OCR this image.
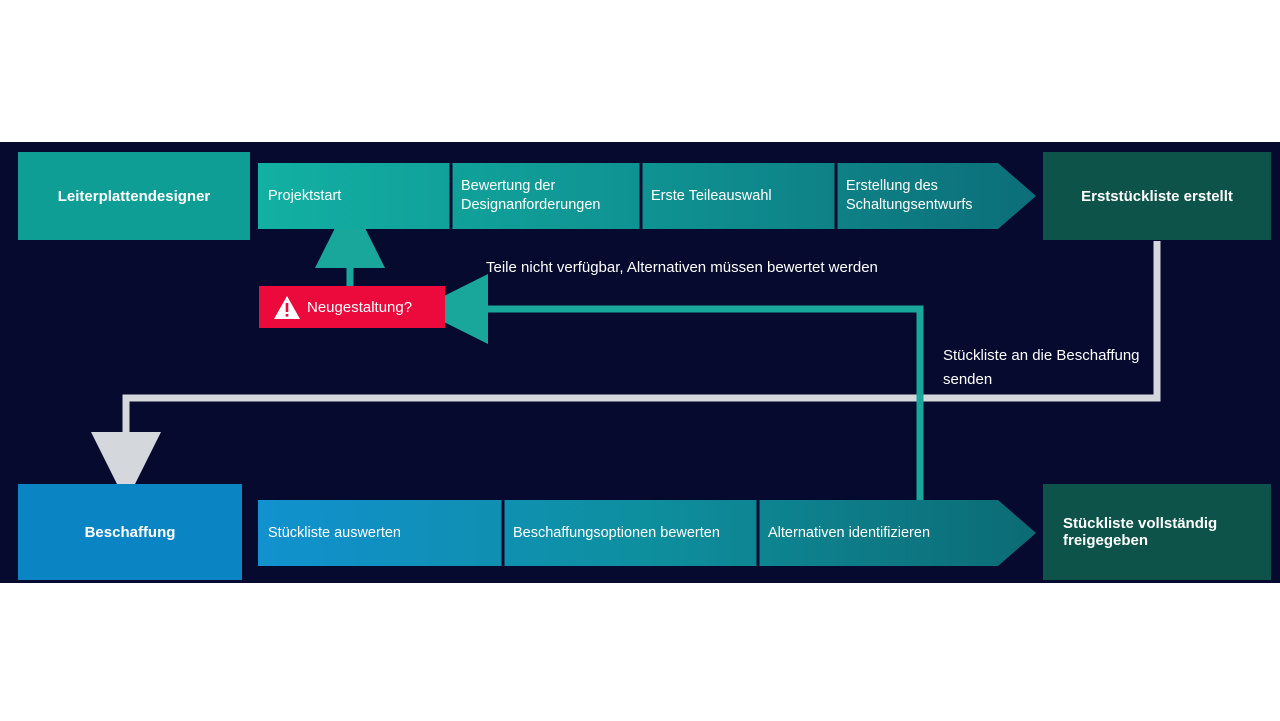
Leiterplattendesigner	Projektstart
Bewertung der Designanforderungen
Erste Teileauswahl
Erstellung des Schaltungsentwurfs
Erststückliste erstellt
Neugestaltung?
Teile nicht verfügbar, Alternativen müssen bewertet werden
Stückliste an die Beschaffung senden
Beschaffung	Stückliste auswerten	Beschaffungsoptionen bewerten	Alternativen identifizieren
Stückliste vollständig freigegeben
